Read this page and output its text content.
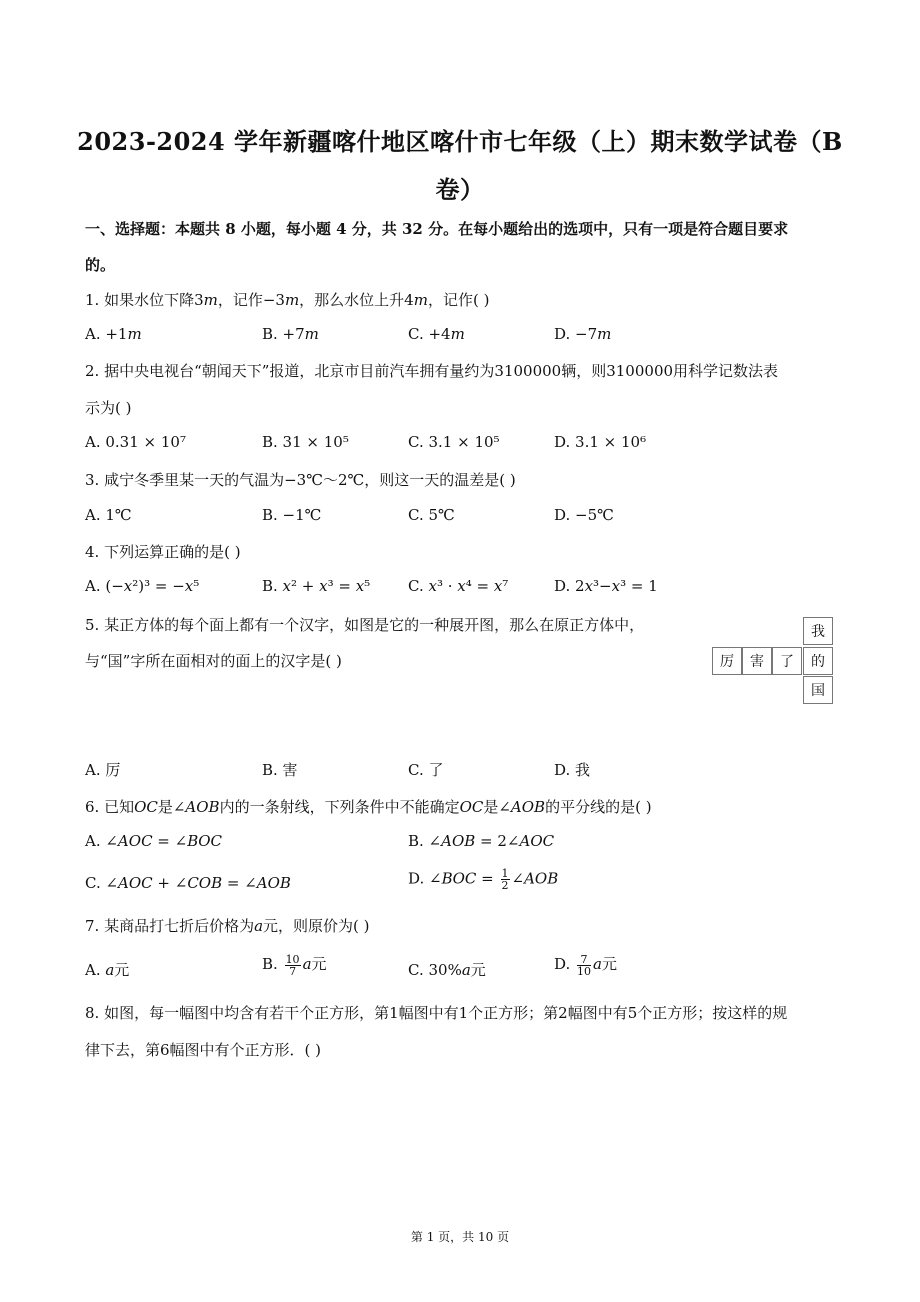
2023-2024 学年新疆喀什地区喀什市七年级（上）期末数学试卷（B
卷）
一、选择题：本题共 8 小题，每小题 4 分，共 32 分。在每小题给出的选项中，只有一项是符合题目要求
的。
1. 如果水位下降3𝑚，记作−3𝑚，那么水位上升4𝑚，记作( )
A. +1𝑚	B. +7𝑚	C. +4𝑚	D. −7𝑚
2. 据中央电视台“朝闻天下”报道，北京市目前汽车拥有量约为3100000辆，则3100000用科学记数法表
示为( )
A. 0.31 × 10⁷	B. 31 × 10⁵	C. 3.1 × 10⁵	D. 3.1 × 10⁶
3. 咸宁冬季里某一天的气温为−3℃～2℃，则这一天的温差是( )
A. 1℃	B. −1℃	C. 5℃	D. −5℃
4. 下列运算正确的是( )
A. (−𝑥²)³ = −𝑥⁵	B. 𝑥² + 𝑥³ = 𝑥⁵	C. 𝑥³ · 𝑥⁴ = 𝑥⁷	D. 2𝑥³−𝑥³ = 1
5. 某正方体的每个面上都有一个汉字，如图是它的一种展开图，那么在原正方体中，
与“国”字所在面相对的面上的汉字是( )
我
厉	害	了	的
国
A. 厉	B. 害	C. 了	D. 我
6. 已知𝑂𝐶是∠𝐴𝑂𝐵内的一条射线，下列条件中不能确定𝑂𝐶是∠𝐴𝑂𝐵的平分线的是( )
A. ∠𝐴𝑂𝐶 = ∠𝐵𝑂𝐶	B. ∠𝐴𝑂𝐵 = 2∠𝐴𝑂𝐶
C. ∠𝐴𝑂𝐶 + ∠𝐶𝑂𝐵 = ∠𝐴𝑂𝐵	D. ∠𝐵𝑂𝐶 = $\frac{1}{2}$ ∠𝐴𝑂𝐵
7. 某商品打七折后价格为𝑎元，则原价为( )
A. 𝑎元	B. $\frac{10}{7}$ 𝑎元	C. 30%𝑎元	D. $\frac{7}{10}$ 𝑎元
8. 如图，每一幅图中均含有若干个正方形，第1幅图中有1个正方形；第2幅图中有5个正方形；按这样的规
律下去，第6幅图中有个正方形．( )
第 1 页，共 10 页
